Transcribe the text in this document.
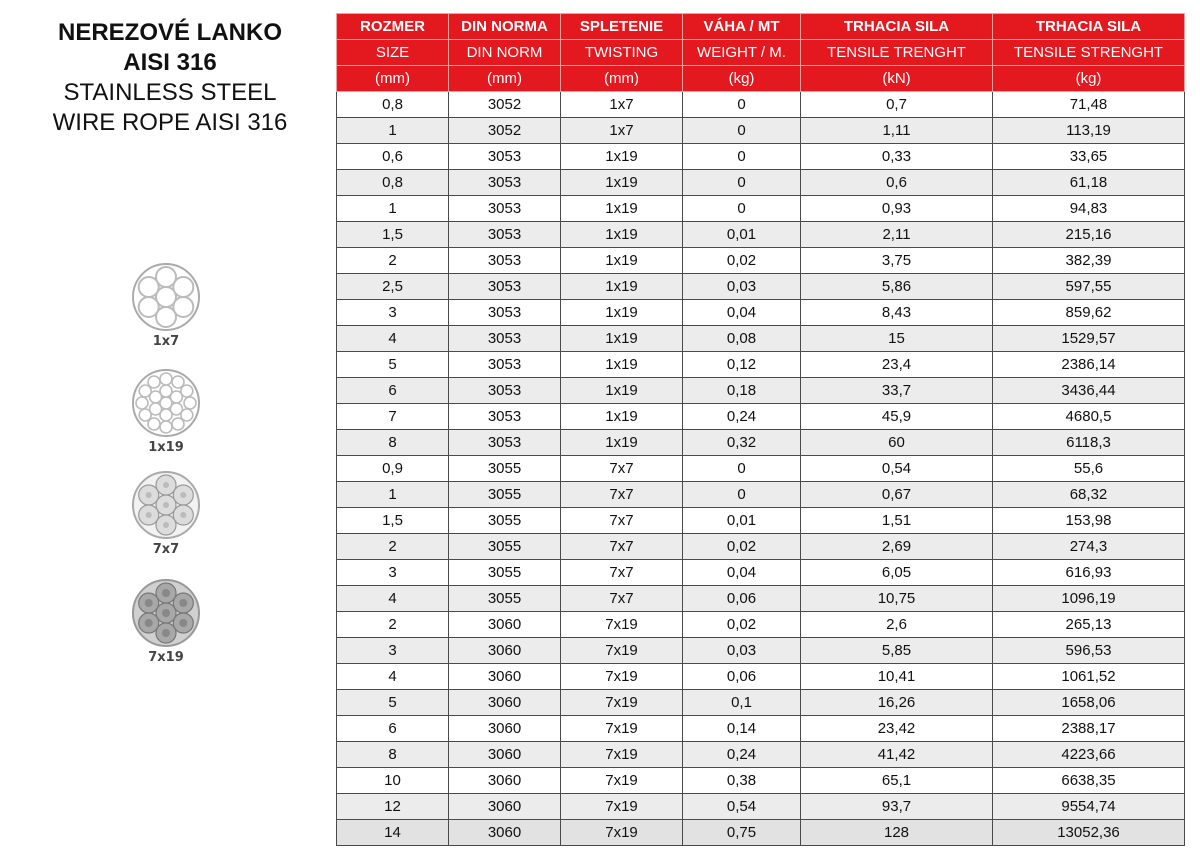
NEREZOVÉ LANKO
AISI 316
STAINLESS STEEL
WIRE ROPE AISI 316
1x7
1x19
7x7
7x19
ROZMER	DIN NORMA	SPLETENIE	VÁHA / MT	TRHACIA SILA	TRHACIA SILA
SIZE	DIN NORM	TWISTING	WEIGHT / M.	TENSILE TRENGHT	TENSILE STRENGHT
(mm)	(mm)	(mm)	(kg)	(kN)	(kg)
0,8	3052	1x7	0	0,7	71,48
1	3052	1x7	0	1,11	113,19
0,6	3053	1x19	0	0,33	33,65
0,8	3053	1x19	0	0,6	61,18
1	3053	1x19	0	0,93	94,83
1,5	3053	1x19	0,01	2,11	215,16
2	3053	1x19	0,02	3,75	382,39
2,5	3053	1x19	0,03	5,86	597,55
3	3053	1x19	0,04	8,43	859,62
4	3053	1x19	0,08	15	1529,57
5	3053	1x19	0,12	23,4	2386,14
6	3053	1x19	0,18	33,7	3436,44
7	3053	1x19	0,24	45,9	4680,5
8	3053	1x19	0,32	60	6118,3
0,9	3055	7x7	0	0,54	55,6
1	3055	7x7	0	0,67	68,32
1,5	3055	7x7	0,01	1,51	153,98
2	3055	7x7	0,02	2,69	274,3
3	3055	7x7	0,04	6,05	616,93
4	3055	7x7	0,06	10,75	1096,19
2	3060	7x19	0,02	2,6	265,13
3	3060	7x19	0,03	5,85	596,53
4	3060	7x19	0,06	10,41	1061,52
5	3060	7x19	0,1	16,26	1658,06
6	3060	7x19	0,14	23,42	2388,17
8	3060	7x19	0,24	41,42	4223,66
10	3060	7x19	0,38	65,1	6638,35
12	3060	7x19	0,54	93,7	9554,74
14	3060	7x19	0,75	128	13052,36
